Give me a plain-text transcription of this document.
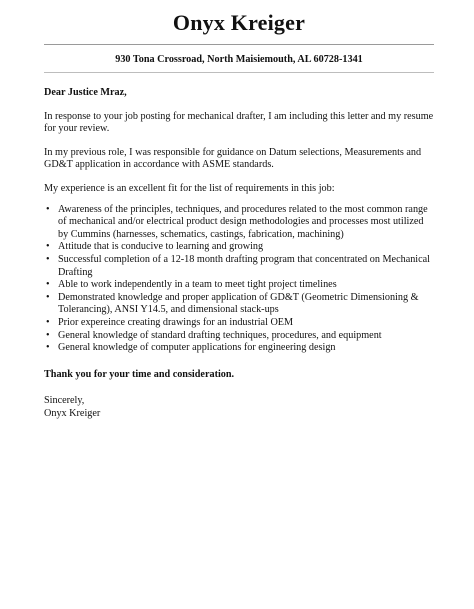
Onyx Kreiger
930 Tona Crossroad, North Maisiemouth, AL 60728-1341

Dear Justice Mraz,

In response to your job posting for mechanical drafter, I am including this letter and my resume for your review.

In my previous role, I was responsible for guidance on Datum selections, Measurements and GD&T application in accordance with ASME standards.

My experience is an excellent fit for the list of requirements in this job:

• Awareness of the principles, techniques, and procedures related to the most common range of mechanical and/or electrical product design methodologies and processes most utilized by Cummins (harnesses, schematics, castings, fabrication, machining)
• Attitude that is conducive to learning and growing
• Successful completion of a 12-18 month drafting program that concentrated on Mechanical Drafting
• Able to work independently in a team to meet tight project timelines
• Demonstrated knowledge and proper application of GD&T (Geometric Dimensioning & Tolerancing), ANSI Y14.5, and dimensional stack-ups
• Prior expereince creating drawings for an industrial OEM
• General knowledge of standard drafting techniques, procedures, and equipment
• General knowledge of computer applications for engineering design

Thank you for your time and consideration.

Sincerely,
Onyx Kreiger
